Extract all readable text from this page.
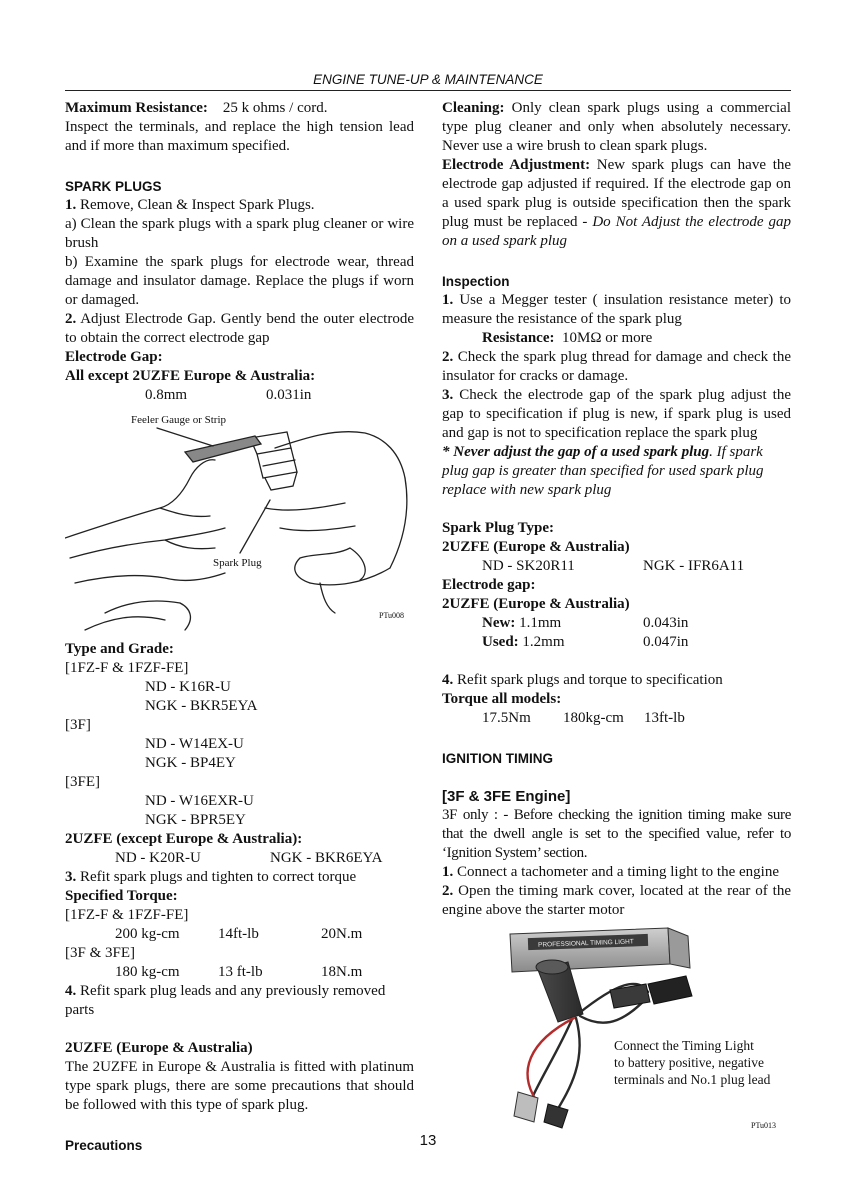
ENGINE TUNE-UP & MAINTENANCE

Maximum Resistance: 25 k ohms / cord.

Inspect the terminals, and replace the high tension lead and if more than maximum specified.

SPARK PLUGS

1. Remove, Clean & Inspect Spark Plugs.

a) Clean the spark plugs with a spark plug cleaner or wire brush

b) Examine the spark plugs for electrode wear, thread damage and insulator damage. Replace the plugs if worn or damaged.

2. Adjust Electrode Gap. Gently bend the outer electrode to obtain the correct electrode gap

Electrode Gap:

All except 2UZFE Europe & Australia:

0.8mm	0.031in
Feeler Gauge or Strip
Spark Plug
PTu008

Type and Grade:

[1FZ-F & 1FZF-FE]

ND - K16R-U

NGK - BKR5EYA

[3F]

ND - W14EX-U

NGK - BP4EY

[3FE]

ND - W16EXR-U

NGK - BPR5EY

2UZFE (except Europe & Australia):

ND - K20R-U	NGK - BKR6EYA

3. Refit spark plugs and tighten to correct torque

Specified Torque:

[1FZ-F & 1FZF-FE]

200 kg-cm	14ft-lb	20N.m

[3F & 3FE]

180 kg-cm	13 ft-lb	18N.m

4. Refit spark plug leads and any previously removed parts

2UZFE (Europe & Australia)

The 2UZFE in Europe & Australia is fitted with platinum type spark plugs, there are some precautions that should be followed with this type of spark plug.

Precautions

Cleaning: Only clean spark plugs using a commercial type plug cleaner and only when absolutely necessary. Never use a wire brush to clean spark plugs.

Electrode Adjustment: New spark plugs can have the electrode gap adjusted if required. If the electrode gap on a used spark plug is outside specification then the spark plug must be replaced - Do Not Adjust the electrode gap on a used spark plug

Inspection

1. Use a Megger tester ( insulation resistance meter) to measure the resistance of the spark plug

Resistance: 10MΩ or more

2. Check the spark plug thread for damage and check the insulator for cracks or damage.

3. Check the electrode gap of the spark plug adjust the gap to specification if plug is new, if spark plug is used and gap is not to specification replace the spark plug

* Never adjust the gap of a used spark plug. If spark plug gap is greater than specified for used spark plug replace with new spark plug

Spark Plug Type:

2UZFE (Europe & Australia)

ND - SK20R11	NGK - IFR6A11

Electrode gap:

2UZFE (Europe & Australia)

New: 1.1mm	0.043in
Used: 1.2mm	0.047in

4. Refit spark plugs and torque to specification

Torque all models:

17.5Nm	180kg-cm	13ft-lb

IGNITION TIMING

[3F & 3FE Engine]

3F only : - Before checking the ignition timing make sure that the dwell angle is set to the specified value, refer to ‘Ignition System’ section.

1. Connect a tachometer and a timing light to the engine

2. Open the timing mark cover, located at the rear of the engine above the starter motor

PROFESSIONAL TIMING LIGHT
PTu013
Connect the Timing Light
to battery positive, negative
terminals and No.1 plug lead
13
